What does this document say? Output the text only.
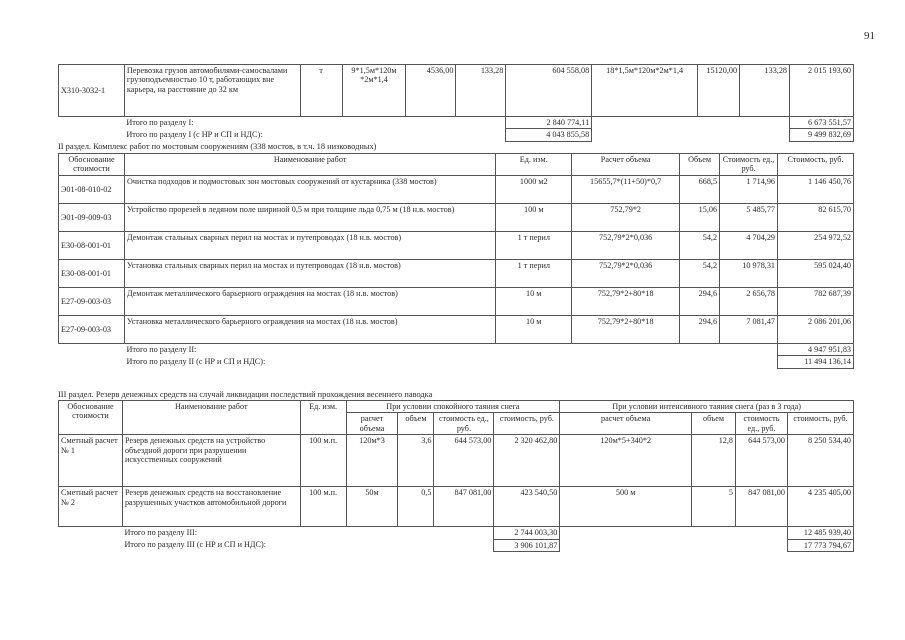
91
Х310-3032-1	Перевозка грузов автомобилями-самосвалами грузоподъемностью 10 т, работающих вне карьера, на расстояние до 32 км	т	9*1,5м*120м *2м*1,4	4536,00	133,28	604 558,08	18*1,5м*120м*2м*1,4	15120,00	133,28	2 015 193,60
	Итого по разделу I:					2 840 774,11				6 673 551,57
	Итого по разделу I (с НР и СП и НДС):					4 043 855,58				9 499 832,69
II раздел. Комплекс работ по мостовым сооружениям (338 мостов, в т.ч. 18 низководных)
Обоснование стоимости	Наименование работ	Ед. изм.	Расчет объема	Объем	Стоимость ед., руб.	Стоимость, руб.
Э01-08-010-02	Очистка подходов и подмостовых зон мостовых сооружений от кустарника (338 мостов)	1000 м2	15655,7*(11+50)*0,7	668,5	1 714,96	1 146 450,76
Э01-09-009-03	Устройство прорезей в ледяном поле шириной 0,5 м при толщине льда 0,75 м (18 н.в. мостов)	100 м	752,79*2	15,06	5 485,77	82 615,70
Е30-08-001-01	Демонтаж стальных сварных перил на мостах и путепроводах (18 н.в. мостов)	1 т перил	752,79*2*0,036	54,2	4 704,29	254 972,52
Е30-08-001-01	Установка стальных сварных перил на мостах и путепроводах (18 н.в. мостов)	1 т перил	752,79*2*0,036	54,2	10 978,31	595 024,40
Е27-09-003-03	Демонтаж металлического барьерного ограждения на мостах (18 н.в. мостов)	10 м	752,79*2+80*18	294,6	2 656,78	782 687,39
Е27-09-003-03	Установка металлического барьерного ограждения на мостах (18 н.в. мостов)	10 м	752,79*2+80*18	294,6	7 081,47	2 086 201,06
	Итого по разделу II:					4 947 951,83
	Итого по разделу II (с НР и СП и НДС):					11 494 136,14
III раздел. Резерв денежных средств на случай ликвидации последствий прохождения весеннего паводка
Обоснование стоимости	Наименование работ	Ед. изм.	При условии спокойного таяния снега				При условии интенсивного таяния снега (раз в 3 года)			
			расчет объема	объем	стоимость ед., руб.	стоимость, руб.	расчет объема	объем	стоимость ед., руб.	стоимость, руб.
Сметный расчет № 1	Резерв денежных средств на устройство объездной дороги при разрушении искусственных сооружений	100 м.п.	120м*3	3,6	644 573,00	2 320 462,80	120м*5+340*2	12,8	644 573,00	8 250 534,40
Сметный расчет № 2	Резерв денежных средств на восстановление разрушенных участков автомобильной дороги	100 м.п.	50м	0,5	847 081,00	423 540,50	500 м	5	847 081,00	4 235 405,00
	Итого по разделу III:					2 744 003,30				12 485 939,40
	Итого по разделу III (с НР и СП и НДС):					3 906 101,87				17 773 794,67
